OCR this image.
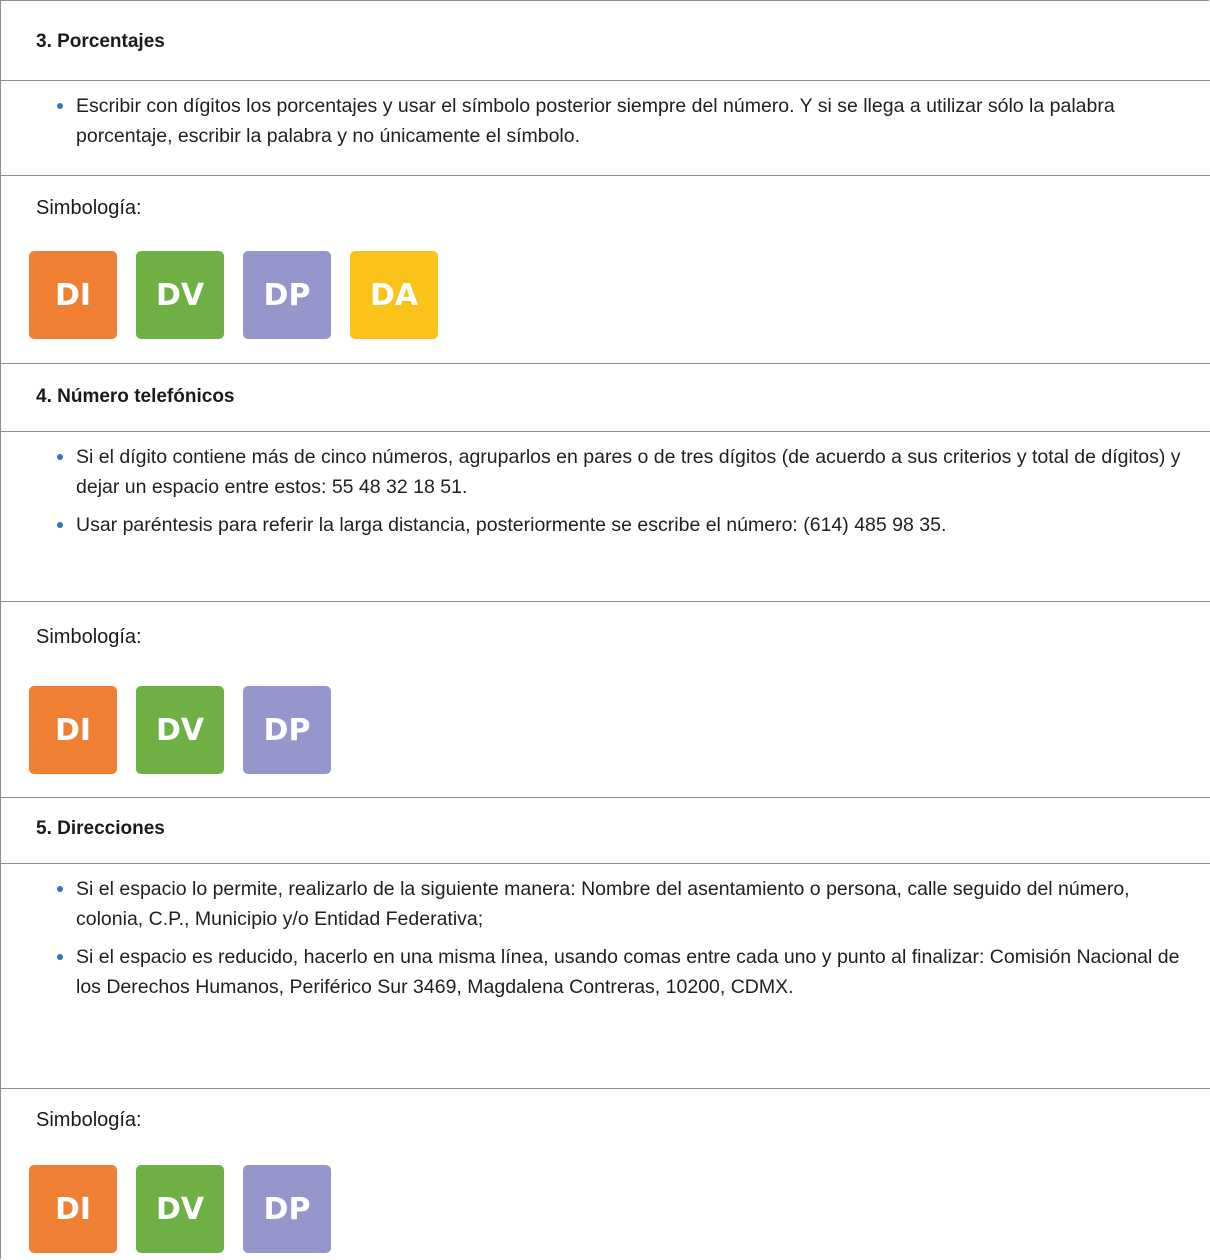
3. Porcentajes
Escribir con dígitos los porcentajes y usar el símbolo posterior siempre del número. Y si se llega a utilizar sólo la palabra porcentaje, escribir la palabra y no únicamente el símbolo.
Simbología:
DI	DV	DP	DA
4. Número telefónicos
Si el dígito contiene más de cinco números, agruparlos en pares o de tres dígitos (de acuerdo a sus criterios y total de dígitos) y dejar un espacio entre estos: 55 48 32 18 51.
Usar paréntesis para referir la larga distancia, posteriormente se escribe el número: (614) 485 98 35.
Simbología:
DI	DV	DP
5. Direcciones
Si el espacio lo permite, realizarlo de la siguiente manera: Nombre del asentamiento o persona, calle seguido del número, colonia, C.P., Municipio y/o Entidad Federativa;
Si el espacio es reducido, hacerlo en una misma línea, usando comas entre cada uno y punto al finalizar: Comisión Nacional de los Derechos Humanos, Periférico Sur 3469, Magdalena Contreras, 10200, CDMX.
Simbología:
DI	DV	DP
